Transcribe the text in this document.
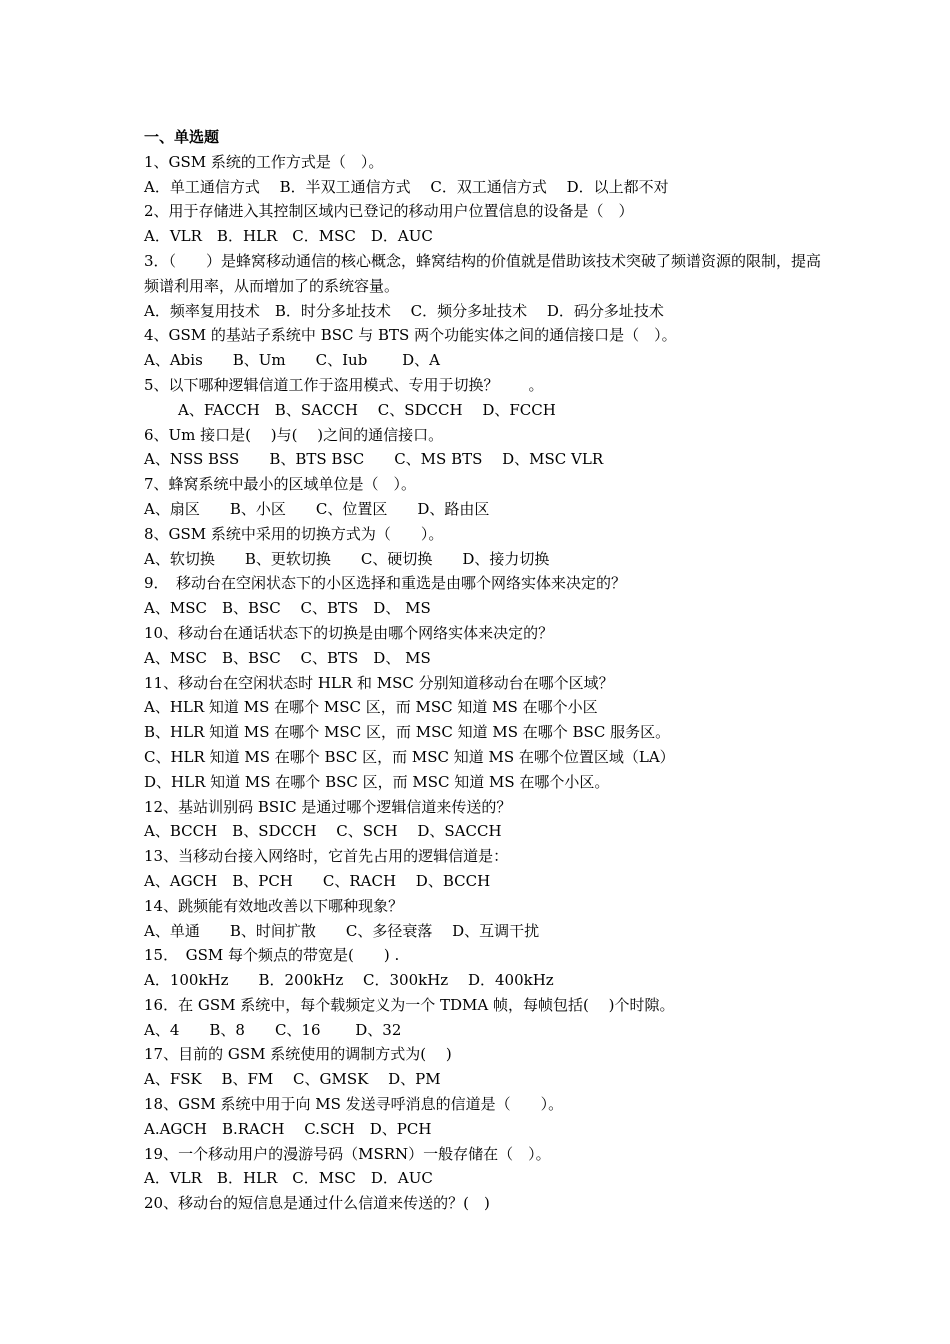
一、单选题
1、GSM 系统的工作方式是（　）。
A．单工通信方式　 B．半双工通信方式　 C．双工通信方式　 D．以上都不对
2、用于存储进入其控制区域内已登记的移动用户位置信息的设备是（　）
A．VLR　B．HLR　C．MSC　D．AUC
3．（　　）是蜂窝移动通信的核心概念，蜂窝结构的价值就是借助该技术突破了频谱资源的限制，提高频谱利用率，从而增加了的系统容量。
A．频率复用技术　B．时分多址技术　 C．频分多址技术　 D．码分多址技术
4、GSM 的基站子系统中 BSC 与 BTS 两个功能实体之间的通信接口是（　）。
A、Abis　　B、Um　　C、Iub　　 D、A
5、以下哪种逻辑信道工作于盗用模式、专用于切换？　　。
A、FACCH　B、SACCH　 C、SDCCH　 D、FCCH
6、Um 接口是(　 )与(　 )之间的通信接口。
A、NSS BSS　　B、BTS BSC　　C、MS BTS　 D、MSC VLR
7、蜂窝系统中最小的区域单位是（　）。
A、扇区　　B、小区　　C、位置区　　D、路由区
8、GSM 系统中采用的切换方式为（　　）。
A、软切换　　B、更软切换　　C、硬切换　　D、接力切换
9．　移动台在空闲状态下的小区选择和重选是由哪个网络实体来决定的？
A、MSC　B、BSC　 C、BTS　D、 MS
10、移动台在通话状态下的切换是由哪个网络实体来决定的？
A、MSC　B、BSC　 C、BTS　D、 MS
11、移动台在空闲状态时 HLR 和 MSC 分别知道移动台在哪个区域？
A、HLR 知道 MS 在哪个 MSC 区，而 MSC 知道 MS 在哪个小区
B、HLR 知道 MS 在哪个 MSC 区，而 MSC 知道 MS 在哪个 BSC 服务区。
C、HLR 知道 MS 在哪个 BSC 区，而 MSC 知道 MS 在哪个位置区域（LA）
D、HLR 知道 MS 在哪个 BSC 区，而 MSC 知道 MS 在哪个小区。
12、基站训别码 BSIC 是通过哪个逻辑信道来传送的？
A、BCCH　B、SDCCH　 C、SCH　 D、SACCH
13、当移动台接入网络时，它首先占用的逻辑信道是：
A、AGCH　B、PCH　　C、RACH　 D、BCCH
14、跳频能有效地改善以下哪种现象？
A、单通　　B、时间扩散　　C、多径衰落　 D、互调干扰
15．　GSM 每个频点的带宽是(　　) .
A．100kHz　　B．200kHz　 C．300kHz　 D．400kHz
16．在 GSM 系统中，每个载频定义为一个 TDMA 帧，每帧包括(　 )个时隙。
A、4　　B、8　　C、16　　 D、32
17、目前的 GSM 系统使用的调制方式为(　 )
A、FSK　 B、FM　 C、GMSK　 D、PM
18、GSM 系统中用于向 MS 发送寻呼消息的信道是（　　）。
A.AGCH　B.RACH　 C.SCH　D、PCH
19、一个移动用户的漫游号码（MSRN）一般存储在（　）。
A．VLR　B．HLR　C．MSC　D．AUC
20、移动台的短信息是通过什么信道来传送的？(　)
